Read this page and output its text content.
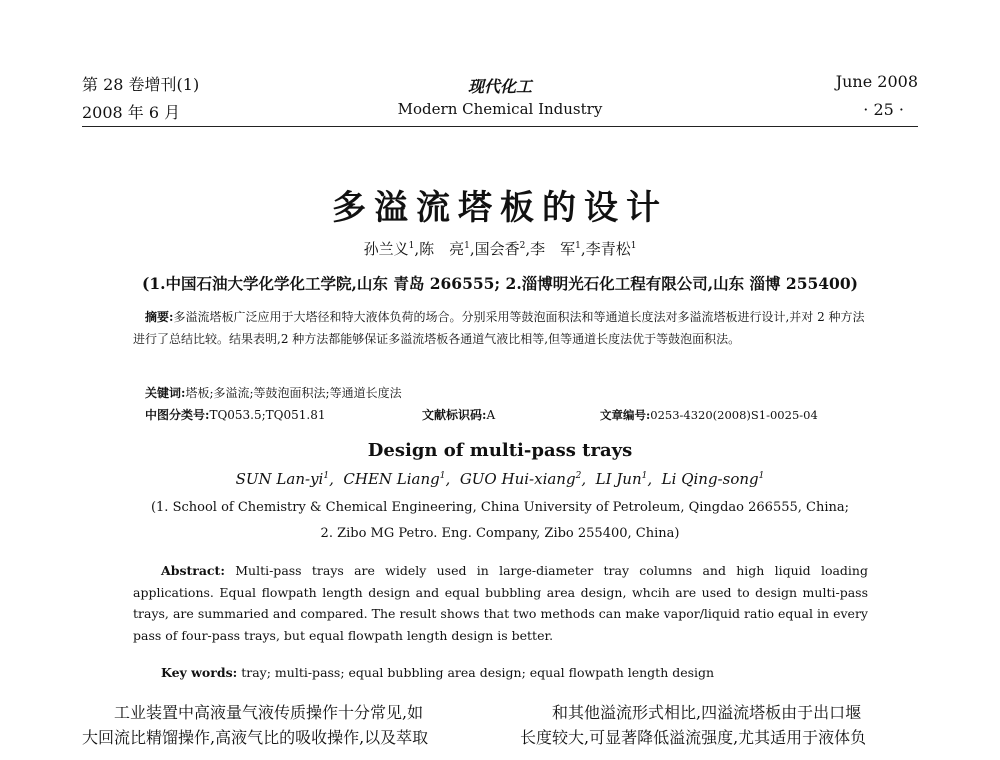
第 28 卷增刊(1)
2008 年 6 月
现代化工
Modern Chemical Industry
June 2008
· 25 ·
多溢流塔板的设计
孙兰义$^1$,陈　亮$^1$,国会香$^2$,李　军$^1$,李青松$^1$
(1.中国石油大学化学化工学院,山东 青岛 266555; 2.淄博明光石化工程有限公司,山东 淄博 255400)
摘要:多溢流塔板广泛应用于大塔径和特大液体负荷的场合。分别采用等鼓泡面积法和等通道长度法对多溢流塔板进行设计,并对 2 种方法进行了总结比较。结果表明,2 种方法都能够保证多溢流塔板各通道气液比相等,但等通道长度法优于等鼓泡面积法。
关键词:塔板;多溢流;等鼓泡面积法;等通道长度法
中图分类号:TQ053.5;TQ051.81	文献标识码:A	文章编号:0253-4320(2008)S1-0025-04
Design of multi-pass trays
SUN Lan-$yi^1$,  CHEN Liang$^1$,  GUO Hui-xiang$^2$,  LI Jun$^1$,  Li Qing-song$^1$
(1. School of Chemistry & Chemical Engineering, China University of Petroleum, Qingdao 266555, China;
2. Zibo MG Petro. Eng. Company, Zibo 255400, China)
Abstract: Multi-pass trays are widely used in large-diameter tray columns and high liquid loading applications. Equal flowpath length design and equal bubbling area design, whcih are used to design multi-pass trays, are summaried and compared. The result shows that two methods can make vapor/liquid ratio equal in every pass of four-pass trays, but equal flowpath length design is better.
Key words: tray; multi-pass; equal bubbling area design; equal flowpath length design
工业装置中高液量气液传质操作十分常见,如
大回流比精馏操作,高液气比的吸收操作,以及萃取
和其他溢流形式相比,四溢流塔板由于出口堰
长度较大,可显著降低溢流强度,尤其适用于液体负
